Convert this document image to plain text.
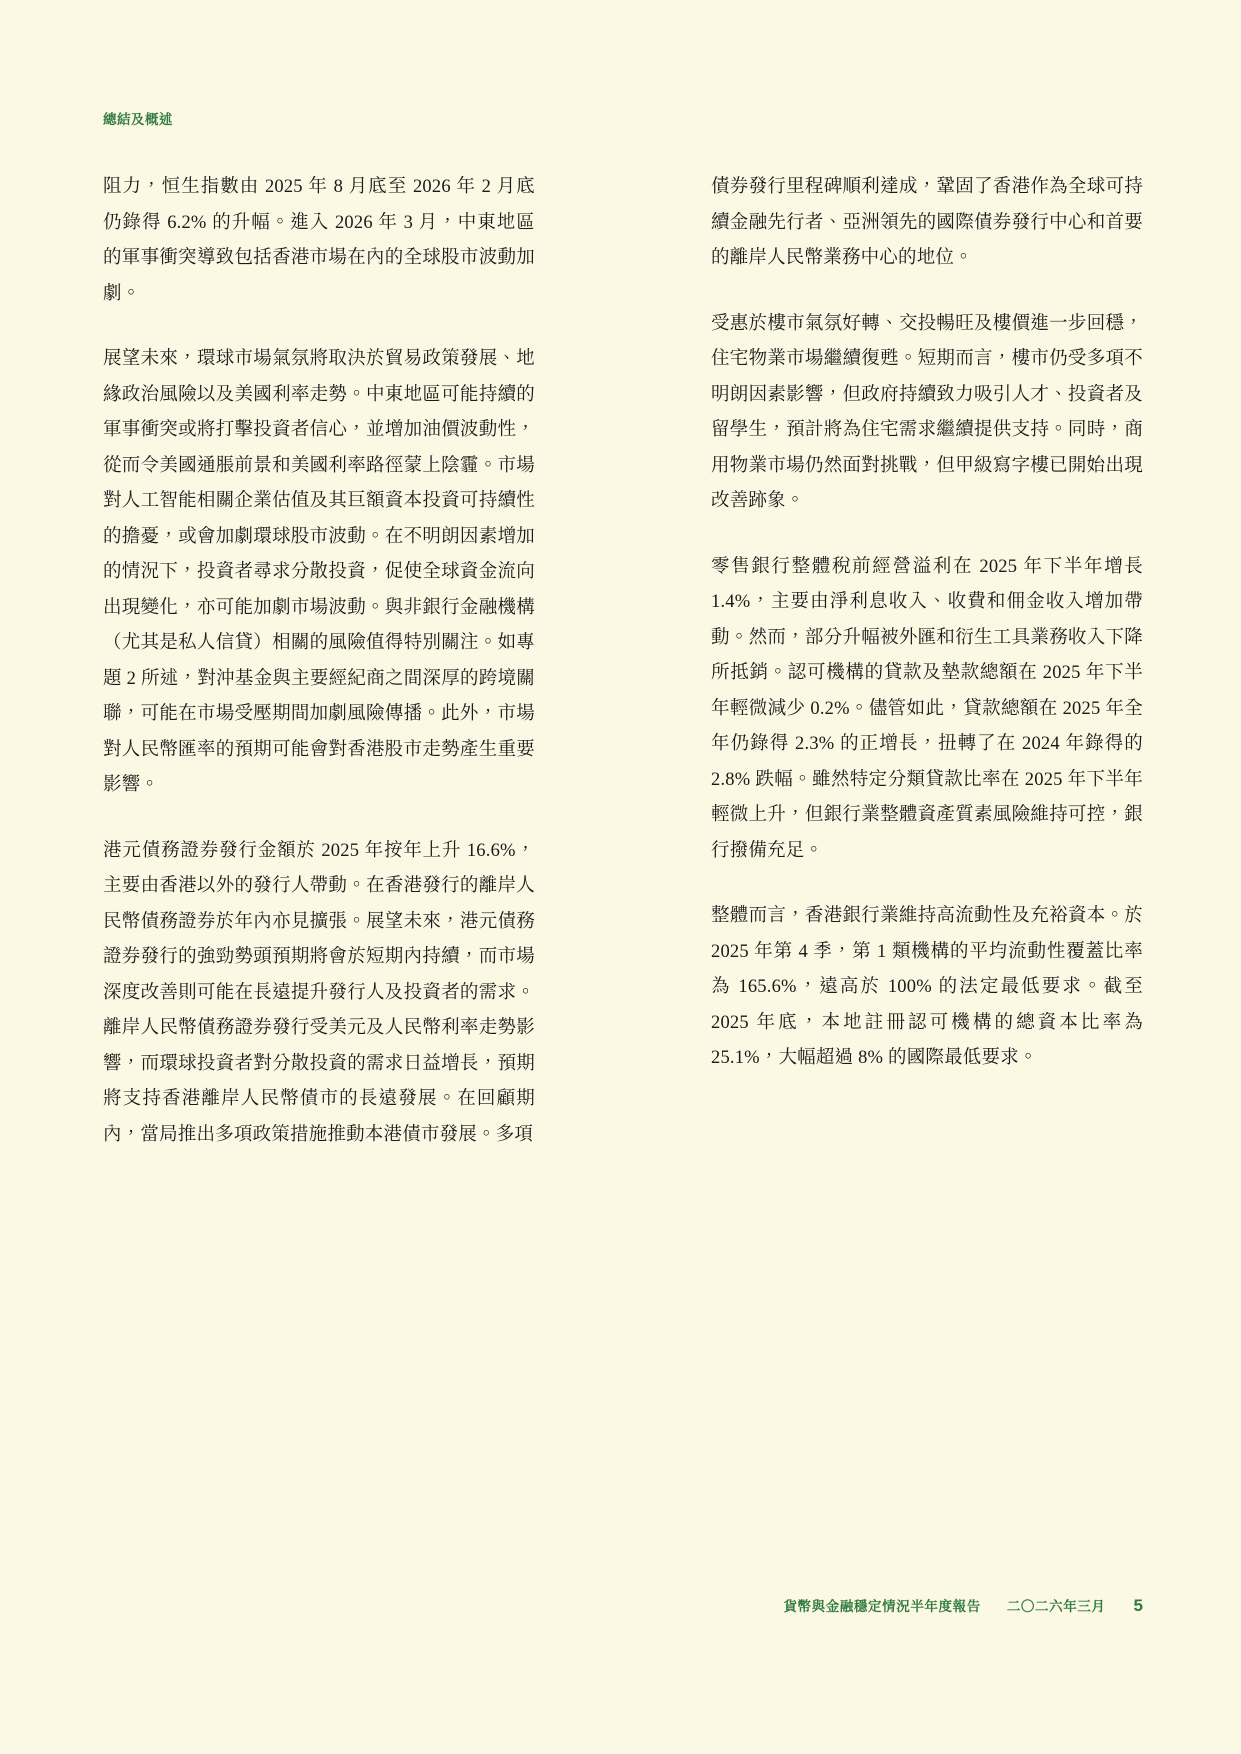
總結及概述

阻力，恒生指數由 2025 年 8 月底至 2026 年 2 月底仍錄得 6.2% 的升幅。進入 2026 年 3 月，中東地區的軍事衝突導致包括香港市場在內的全球股市波動加劇。

展望未來，環球市場氣氛將取決於貿易政策發展、地緣政治風險以及美國利率走勢。中東地區可能持續的軍事衝突或將打擊投資者信心，並增加油價波動性，從而令美國通脹前景和美國利率路徑蒙上陰霾。市場對人工智能相關企業估值及其巨額資本投資可持續性的擔憂，或會加劇環球股市波動。在不明朗因素增加的情況下，投資者尋求分散投資，促使全球資金流向出現變化，亦可能加劇市場波動。與非銀行金融機構（尤其是私人信貸）相關的風險值得特別關注。如專題 2 所述，對沖基金與主要經紀商之間深厚的跨境關聯，可能在市場受壓期間加劇風險傳播。此外，市場對人民幣匯率的預期可能會對香港股市走勢產生重要影響。

港元債務證券發行金額於 2025 年按年上升 16.6%，主要由香港以外的發行人帶動。在香港發行的離岸人民幣債務證券於年內亦見擴張。展望未來，港元債務證券發行的強勁勢頭預期將會於短期內持續，而市場深度改善則可能在長遠提升發行人及投資者的需求。離岸人民幣債務證券發行受美元及人民幣利率走勢影響，而環球投資者對分散投資的需求日益增長，預期將支持香港離岸人民幣債市的長遠發展。在回顧期內，當局推出多項政策措施推動本港債市發展。多項

債券發行里程碑順利達成，鞏固了香港作為全球可持續金融先行者、亞洲領先的國際債券發行中心和首要的離岸人民幣業務中心的地位。

受惠於樓市氣氛好轉、交投暢旺及樓價進一步回穩，住宅物業市場繼續復甦。短期而言，樓市仍受多項不明朗因素影響，但政府持續致力吸引人才、投資者及留學生，預計將為住宅需求繼續提供支持。同時，商用物業市場仍然面對挑戰，但甲級寫字樓已開始出現改善跡象。

零售銀行整體稅前經營溢利在 2025 年下半年增長 1.4%，主要由淨利息收入、收費和佣金收入增加帶動。然而，部分升幅被外匯和衍生工具業務收入下降所抵銷。認可機構的貸款及墊款總額在 2025 年下半年輕微減少 0.2%。儘管如此，貸款總額在 2025 年全年仍錄得 2.3% 的正增長，扭轉了在 2024 年錄得的 2.8% 跌幅。雖然特定分類貸款比率在 2025 年下半年輕微上升，但銀行業整體資產質素風險維持可控，銀行撥備充足。

整體而言，香港銀行業維持高流動性及充裕資本。於 2025 年第 4 季，第 1 類機構的平均流動性覆蓋比率為 165.6%，遠高於 100% 的法定最低要求。截至 2025 年底，本地註冊認可機構的總資本比率為 25.1%，大幅超過 8% 的國際最低要求。

貨幣與金融穩定情況半年度報告 二〇二六年三月 5
